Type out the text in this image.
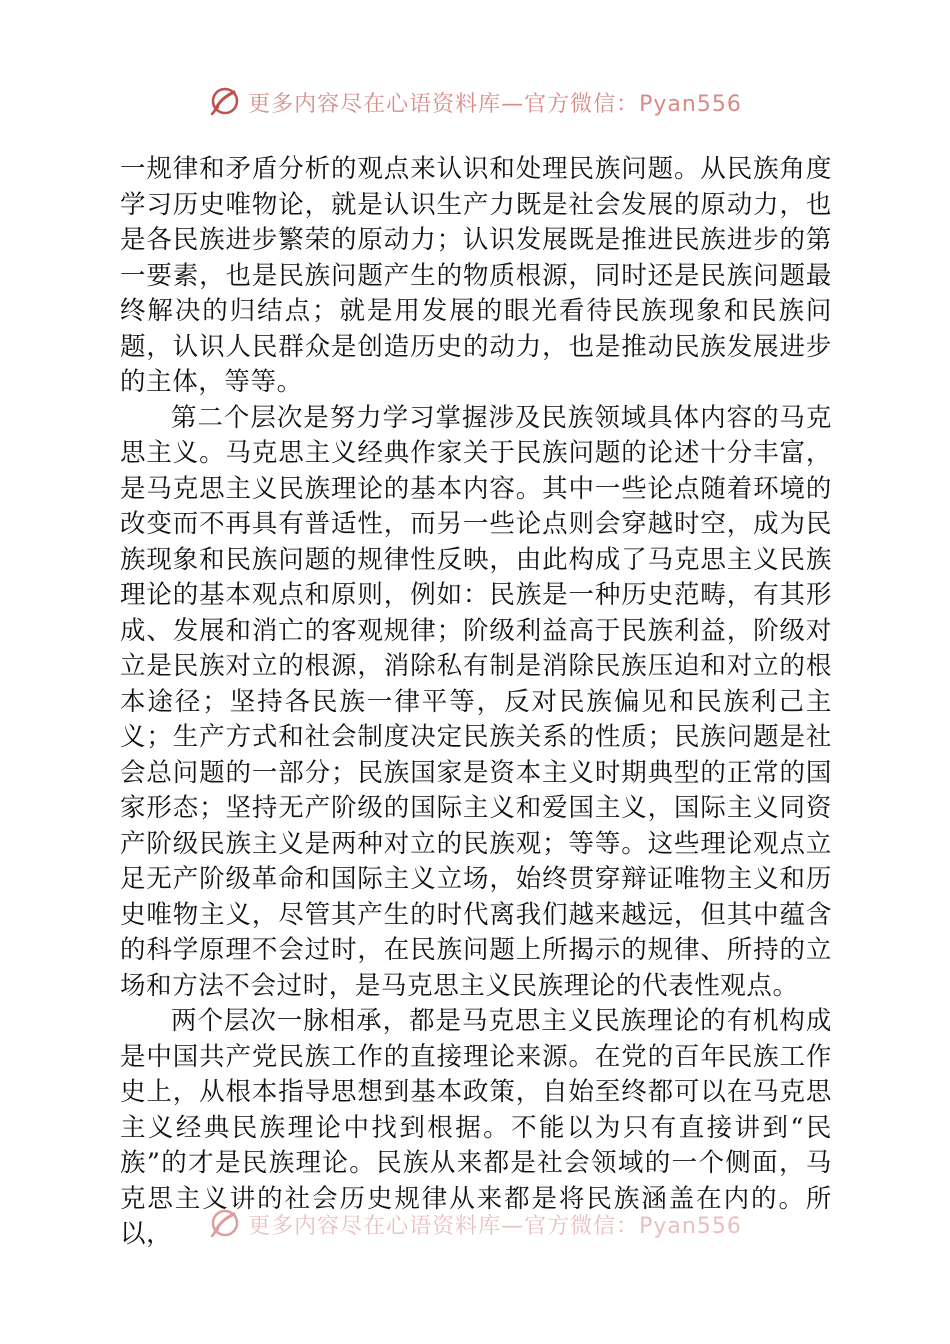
更多内容尽在心语资料库—官方微信：Pyan556

一规律和矛盾分析的观点来认识和处理民族问题。从民族角度学习历史唯物论，就是认识生产力既是社会发展的原动力，也是各民族进步繁荣的原动力；认识发展既是推进民族进步的第一要素，也是民族问题产生的物质根源，同时还是民族问题最终解决的归结点；就是用发展的眼光看待民族现象和民族问题，认识人民群众是创造历史的动力，也是推动民族发展进步的主体，等等。

第二个层次是努力学习掌握涉及民族领域具体内容的马克思主义。马克思主义经典作家关于民族问题的论述十分丰富，是马克思主义民族理论的基本内容。其中一些论点随着环境的改变而不再具有普适性，而另一些论点则会穿越时空，成为民族现象和民族问题的规律性反映，由此构成了马克思主义民族理论的基本观点和原则，例如：民族是一种历史范畴，有其形成、发展和消亡的客观规律；阶级利益高于民族利益，阶级对立是民族对立的根源，消除私有制是消除民族压迫和对立的根本途径；坚持各民族一律平等，反对民族偏见和民族利己主义；生产方式和社会制度决定民族关系的性质；民族问题是社会总问题的一部分；民族国家是资本主义时期典型的正常的国家形态；坚持无产阶级的国际主义和爱国主义，国际主义同资产阶级民族主义是两种对立的民族观；等等。这些理论观点立足无产阶级革命和国际主义立场，始终贯穿辩证唯物主义和历史唯物主义，尽管其产生的时代离我们越来越远，但其中蕴含的科学原理不会过时，在民族问题上所揭示的规律、所持的立场和方法不会过时，是马克思主义民族理论的代表性观点。

两个层次一脉相承，都是马克思主义民族理论的有机构成是中国共产党民族工作的直接理论来源。在党的百年民族工作史上，从根本指导思想到基本政策，自始至终都可以在马克思主义经典民族理论中找到根据。不能以为只有直接讲到“民族”的才是民族理论。民族从来都是社会领域的一个侧面，马克思主义讲的社会历史规律从来都是将民族涵盖在内的。所以，	更多内容尽在心语资料库—官方微信：Pyan556
